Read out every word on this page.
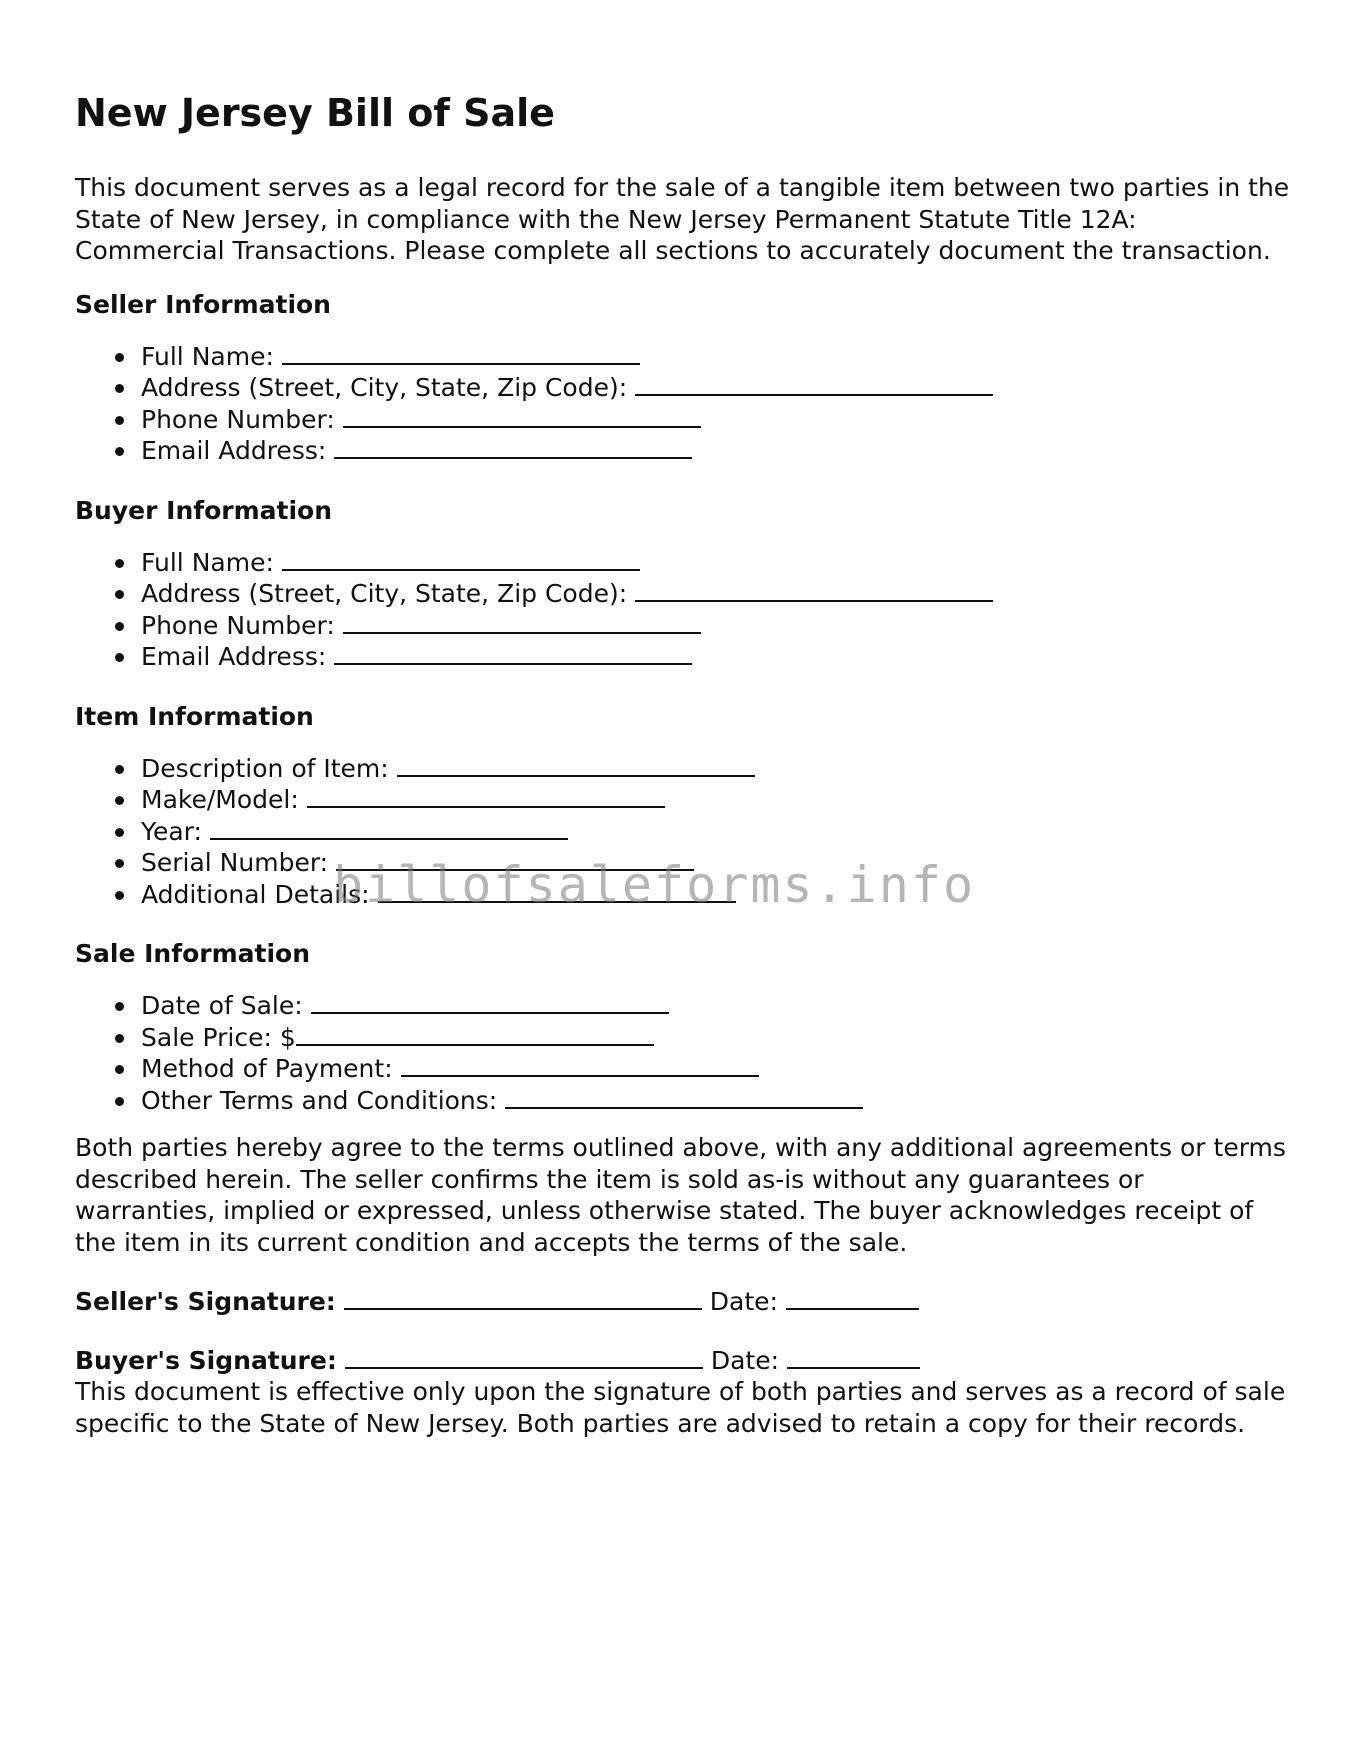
New Jersey Bill of Sale

This document serves as a legal record for the sale of a tangible item between two parties in the State of New Jersey, in compliance with the New Jersey Permanent Statute Title 12A: Commercial Transactions. Please complete all sections to accurately document the transaction.

Seller Information
Full Name:
Address (Street, City, State, Zip Code):
Phone Number:
Email Address:
Buyer Information
Full Name:
Address (Street, City, State, Zip Code):
Phone Number:
Email Address:
Item Information
Description of Item:
Make/Model:
Year:
Serial Number:
Additional Details:
Sale Information
Date of Sale:
Sale Price: $
Method of Payment:
Other Terms and Conditions:

Both parties hereby agree to the terms outlined above, with any additional agreements or terms described herein. The seller confirms the item is sold as-is without any guarantees or warranties, implied or expressed, unless otherwise stated. The buyer acknowledges receipt of the item in its current condition and accepts the terms of the sale.

Seller's Signature:	Date:
Buyer's Signature:	Date:

This document is effective only upon the signature of both parties and serves as a record of sale specific to the State of New Jersey. Both parties are advised to retain a copy for their records.

billofsaleforms.info
